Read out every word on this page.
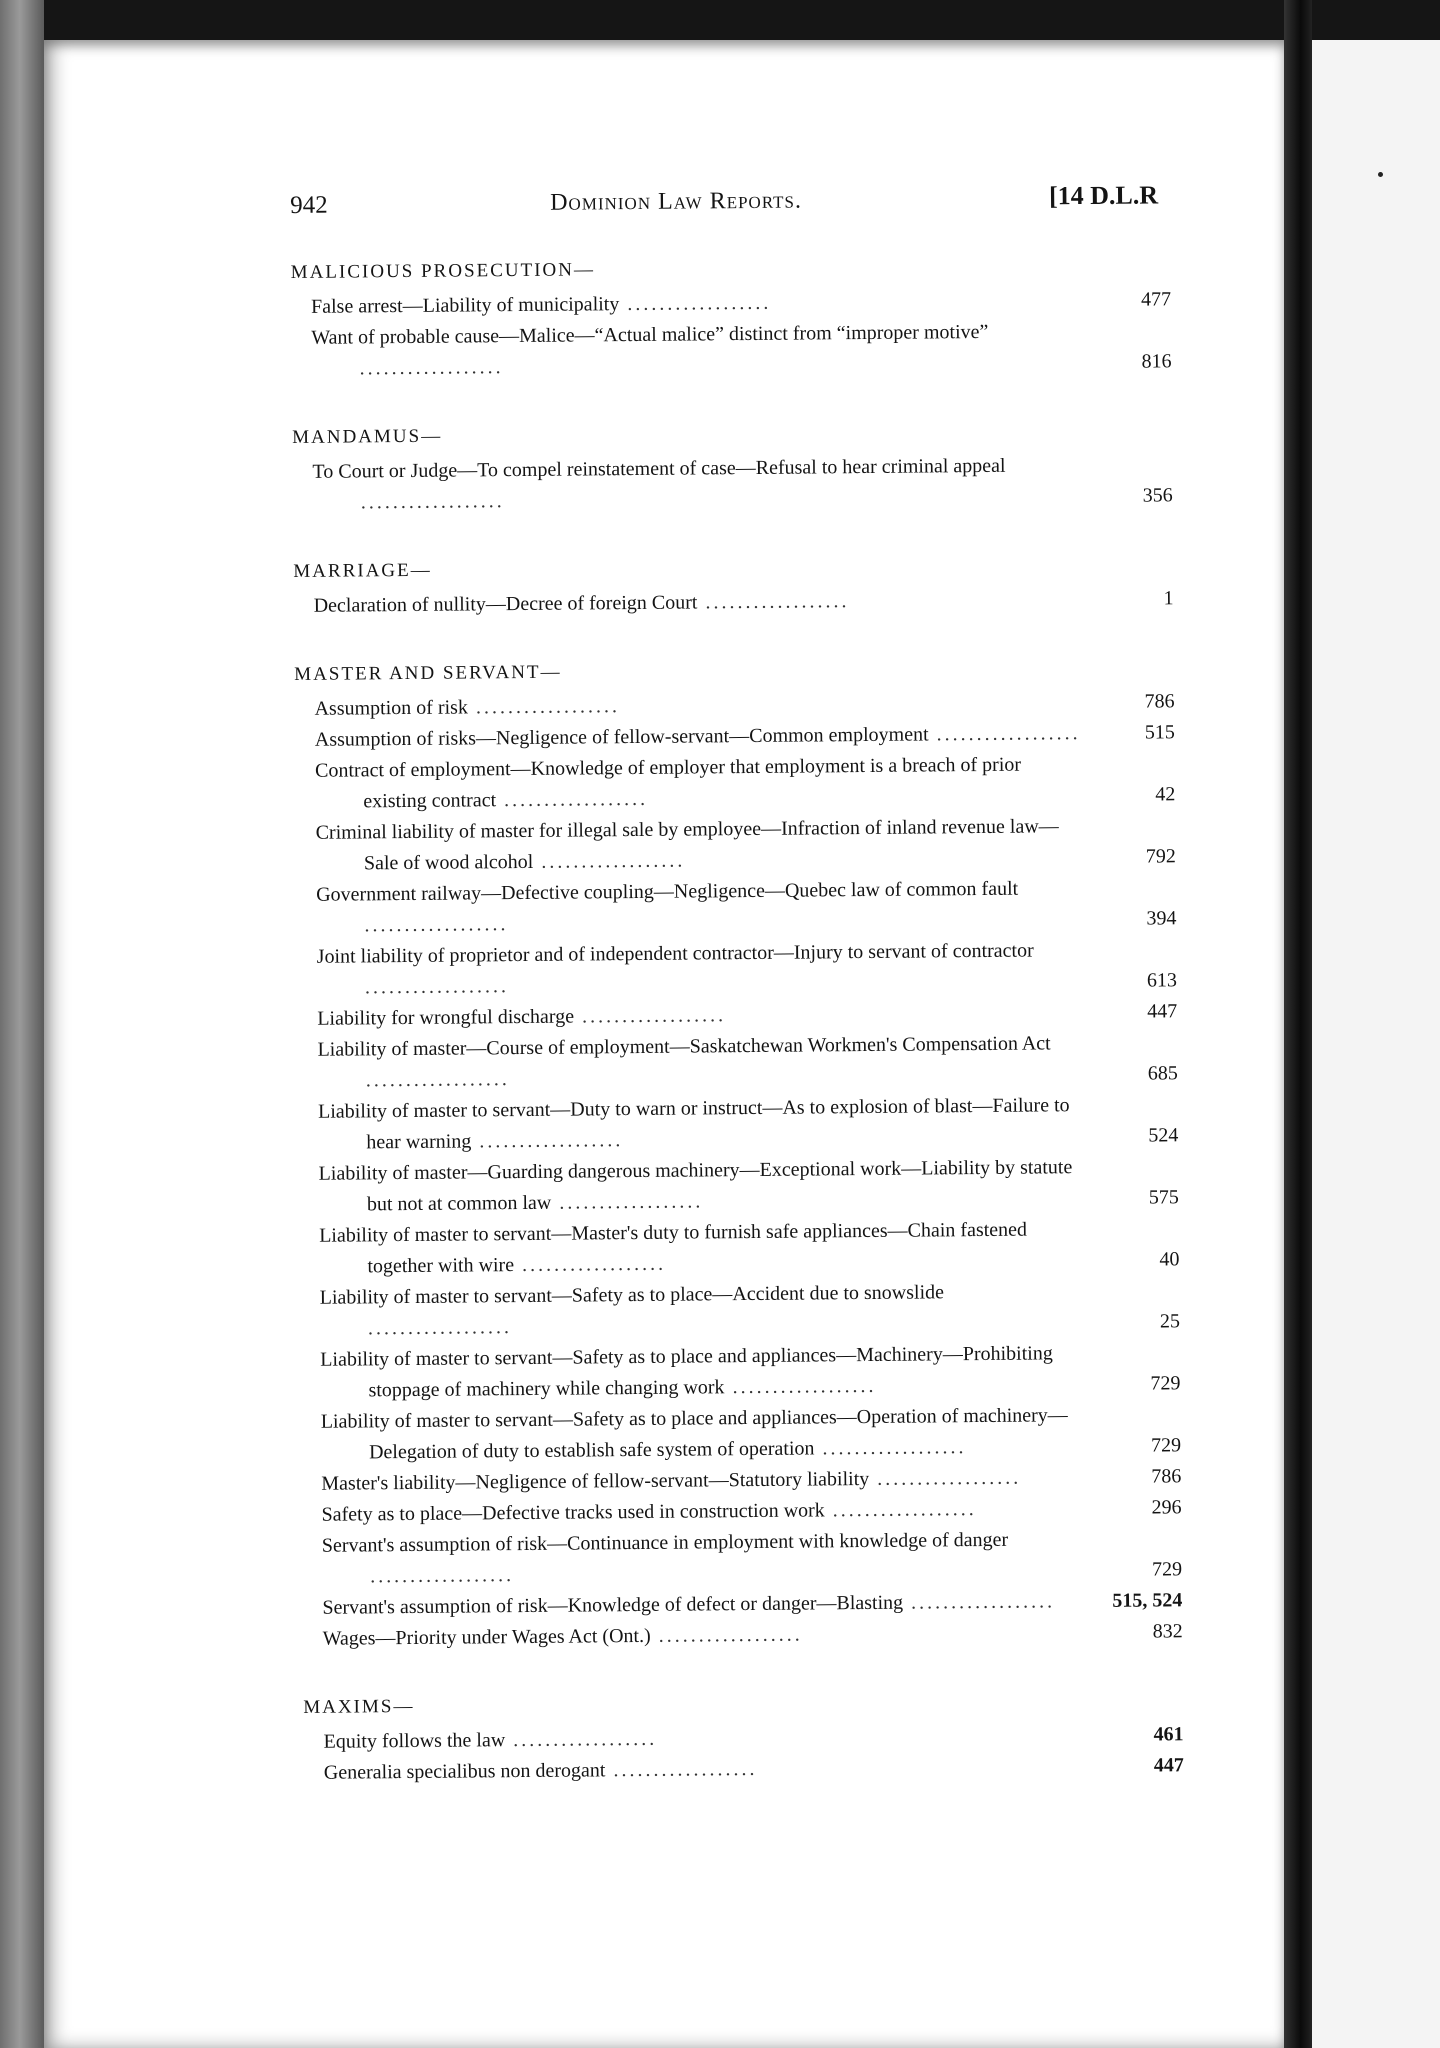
942	Dominion Law Reports.	[14 D.L.R
MALICIOUS PROSECUTION—
False arrest—Liability of municipality ..................	477
Want of probable cause—Malice—“Actual malice” distinct from “improper motive” ..................	816
MANDAMUS—
To Court or Judge—To compel reinstatement of case—Refusal to hear criminal appeal ..................	356
MARRIAGE—
Declaration of nullity—Decree of foreign Court ..................	1
MASTER AND SERVANT—
Assumption of risk ..................	786
Assumption of risks—Negligence of fellow-servant—Common employment ..................	515
Contract of employment—Knowledge of employer that employment is a breach of prior existing contract ..................	42
Criminal liability of master for illegal sale by employee—Infraction of inland revenue law—Sale of wood alcohol ..................	792
Government railway—Defective coupling—Negligence—Quebec law of common fault ..................	394
Joint liability of proprietor and of independent contractor—Injury to servant of contractor ..................	613
Liability for wrongful discharge ..................	447
Liability of master—Course of employment—Saskatchewan Workmen's Compensation Act ..................	685
Liability of master to servant—Duty to warn or instruct—As to explosion of blast—Failure to hear warning ..................	524
Liability of master—Guarding dangerous machinery—Exceptional work—Liability by statute but not at common law ..................	575
Liability of master to servant—Master's duty to furnish safe appliances—Chain fastened together with wire ..................	40
Liability of master to servant—Safety as to place—Accident due to snowslide ..................	25
Liability of master to servant—Safety as to place and appliances—Machinery—Prohibiting stoppage of machinery while changing work ..................	729
Liability of master to servant—Safety as to place and appliances—Operation of machinery—Delegation of duty to establish safe system of operation ..................	729
Master's liability—Negligence of fellow-servant—Statutory liability ..................	786
Safety as to place—Defective tracks used in construction work ..................	296
Servant's assumption of risk—Continuance in employment with knowledge of danger ..................	729
Servant's assumption of risk—Knowledge of defect or danger—Blasting ..................	515, 524
Wages—Priority under Wages Act (Ont.) ..................	832
MAXIMS—
Equity follows the law ..................	461
Generalia specialibus non derogant ..................	447
